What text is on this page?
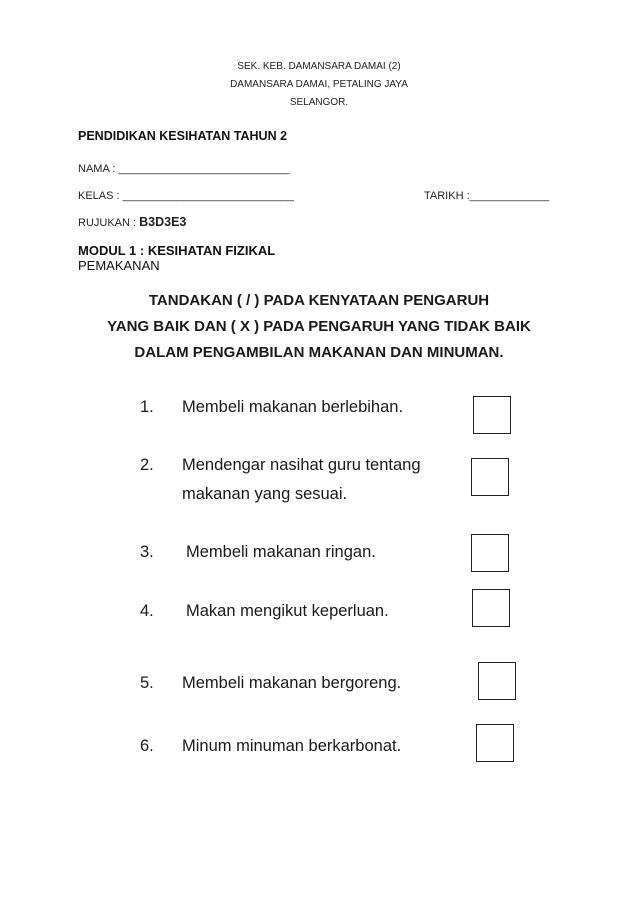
SEK. KEB. DAMANSARA DAMAI (2)
DAMANSARA DAMAI, PETALING JAYA
SELANGOR.
PENDIDIKAN KESIHATAN TAHUN 2
NAMA : ____________________________
KELAS : ____________________________	TARIKH :_____________
RUJUKAN : B3D3E3
MODUL 1 : KESIHATAN FIZIKAL
PEMAKANAN
TANDAKAN ( / ) PADA KENYATAAN PENGARUH
YANG BAIK DAN ( X ) PADA PENGARUH YANG TIDAK BAIK
DALAM PENGAMBILAN MAKANAN DAN MINUMAN.
1. Membeli makanan berlebihan.
2. Mendengar nasihat guru tentang
makanan yang sesuai.
3. Membeli makanan ringan.
4. Makan mengikut keperluan.
5. Membeli makanan bergoreng.
6. Minum minuman berkarbonat.
